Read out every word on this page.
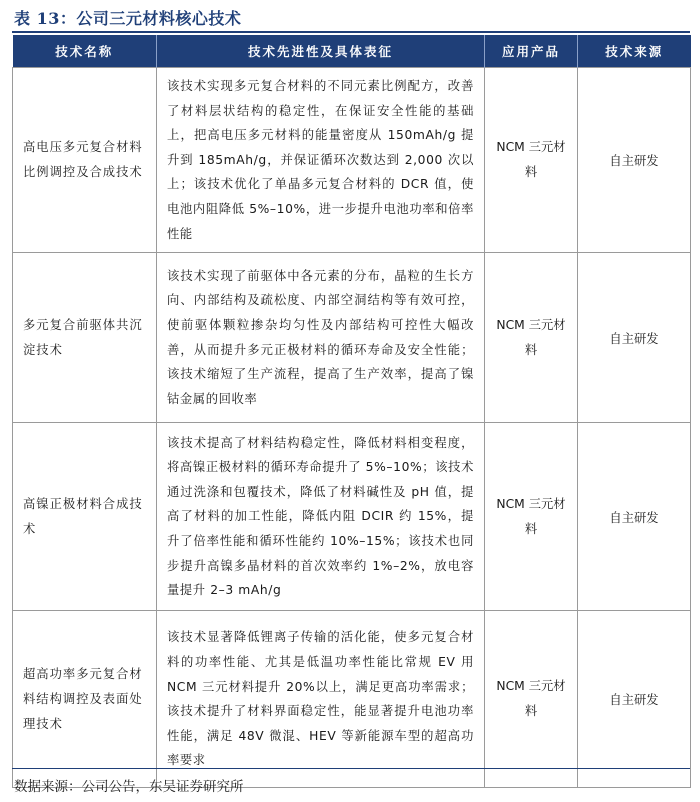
表 13：公司三元材料核心技术
技术名称	技术先进性及具体表征	应用产品	技术来源
高电压多元复合材料比例调控及合成技术	该技术实现多元复合材料的不同元素比例配方，改善了材料层状结构的稳定性，在保证安全性能的基础上，把高电压多元材料的能量密度从 150mAh/g 提升到 185mAh/g，并保证循环次数达到 2,000 次以上；该技术优化了单晶多元复合材料的 DCR 值，使电池内阻降低 5%–10%，进一步提升电池功率和倍率性能	NCM 三元材料	自主研发
多元复合前驱体共沉淀技术	该技术实现了前驱体中各元素的分布，晶粒的生长方向、内部结构及疏松度、内部空洞结构等有效可控，使前驱体颗粒掺杂均匀性及内部结构可控性大幅改善，从而提升多元正极材料的循环寿命及安全性能；该技术缩短了生产流程，提高了生产效率，提高了镍钴金属的回收率	NCM 三元材料	自主研发
高镍正极材料合成技术	该技术提高了材料结构稳定性，降低材料相变程度，将高镍正极材料的循环寿命提升了 5%–10%；该技术通过洗涤和包覆技术，降低了材料碱性及 pH 值，提高了材料的加工性能，降低内阻 DCIR 约 15%，提升了倍率性能和循环性能约 10%–15%；该技术也同步提升高镍多晶材料的首次效率约 1%–2%，放电容量提升 2–3 mAh/g	NCM 三元材料	自主研发
超高功率多元复合材料结构调控及表面处理技术	该技术显著降低锂离子传输的活化能，使多元复合材料的功率性能、尤其是低温功率性能比常规 EV 用 NCM 三元材料提升 20%以上，满足更高功率需求；该技术提升了材料界面稳定性，能显著提升电池功率性能，满足 48V 微混、HEV 等新能源车型的超高功率要求	NCM 三元材料	自主研发
数据来源：公司公告，东吴证券研究所
